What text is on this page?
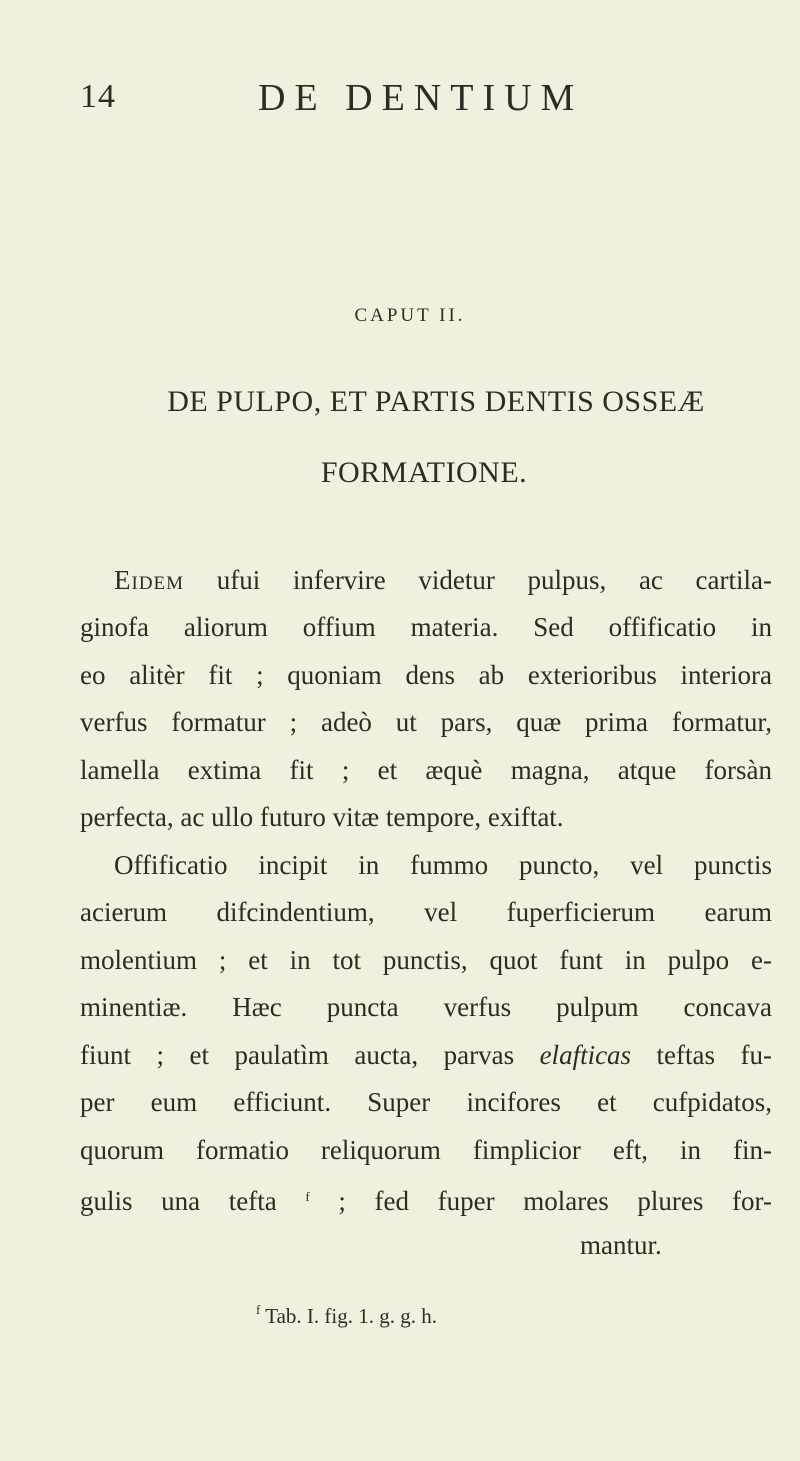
14	DE DENTIUM
CAPUT II.
DE PULPO, ET PARTIS DENTIS OSSEÆ
FORMATIONE.
Eidem ufui infervire videtur pulpus, ac cartila-
ginofa aliorum offium materia. Sed offificatio in
eo alitèr fit ; quoniam dens ab exterioribus interiora
verfus formatur ; adeò ut pars, quæ prima formatur,
lamella extima fit ; et æquè magna, atque forsàn
perfecta, ac ullo futuro vitæ tempore, exiftat.
Offificatio incipit in fummo puncto, vel punctis
acierum difcindentium, vel fuperficierum earum
molentium ; et in tot punctis, quot funt in pulpo e-
minentiæ. Hæc puncta verfus pulpum concava
fiunt ; et paulatìm aucta, parvas elafticas teftas fu-
per eum efficiunt. Super incifores et cufpidatos,
quorum formatio reliquorum fimplicior eft, in fin-
gulis una tefta $^f$ ; fed fuper molares plures for-
mantur.
$^f$ Tab. I. fig. 1. g. g. h.
